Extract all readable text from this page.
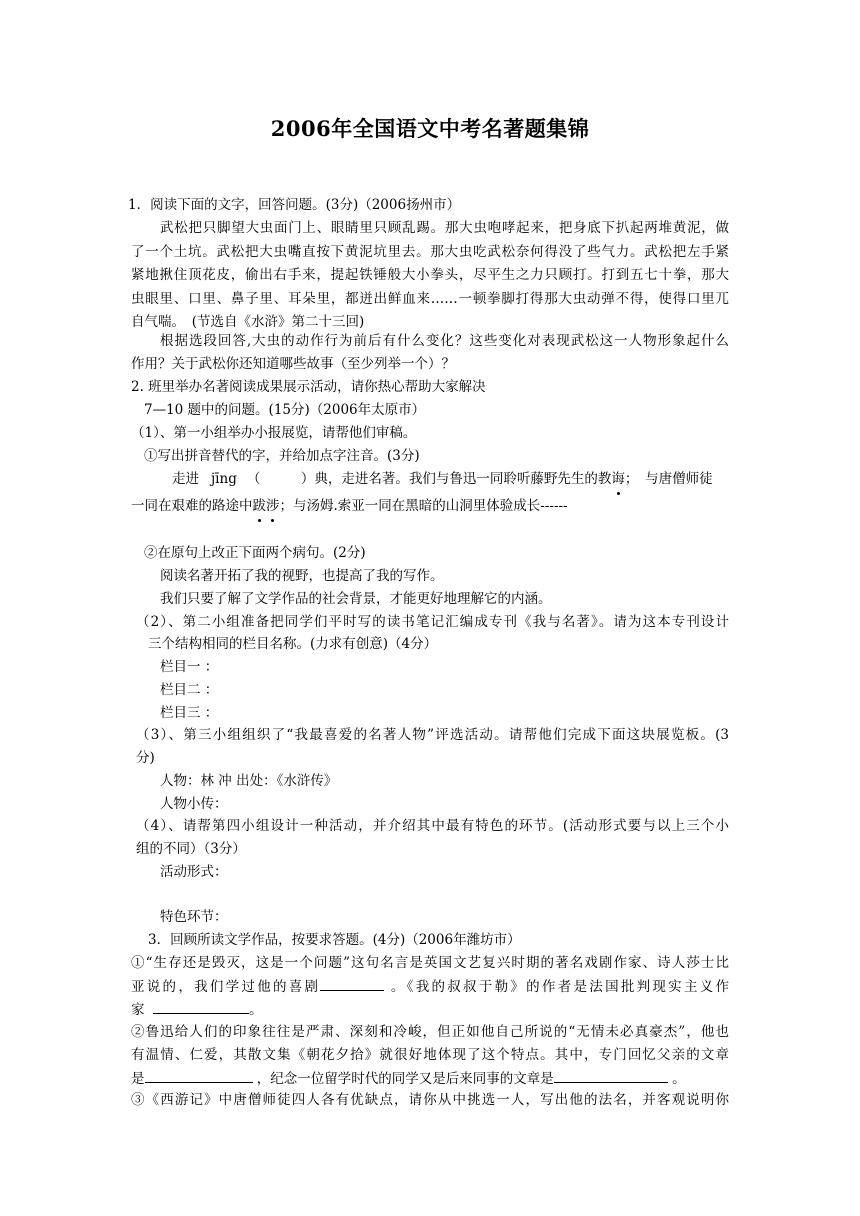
2006年全国语文中考名著题集锦
1．阅读下面的文字，回答问题。(3分)（2006扬州市）
武松把只脚望大虫面门上、眼睛里只顾乱踢。那大虫咆哮起来，把身底下扒起两堆黄泥，做
了一个土坑。武松把大虫嘴直按下黄泥坑里去。那大虫吃武松奈何得没了些气力。武松把左手紧
紧地揪住顶花皮，偷出右手来，提起铁锤般大小拳头，尽平生之力只顾打。打到五七十拳，那大
虫眼里、口里、鼻子里、耳朵里，都迸出鲜血来……一顿拳脚打得那大虫动弹不得，使得口里兀
自气喘。　(节选自《水浒》第二十三回)
根据选段回答,大虫的动作行为前后有什么变化？这些变化对表现武松这一人物形象起什么
作用？关于武松你还知道哪些故事（至少列举一个）？
2. 班里举办名著阅读成果展示活动，请你热心帮助大家解决
7—10 题中的问题。(15分)（2006年太原市）
（1）、第一小组举办小报展览，请帮他们审稿。
①写出拼音替代的字，并给加点字注音。(3分)
走进 jīng （　　　）典，走进名著。我们与鲁迅一同聆听藤野先生的教诲；　与唐僧师徒
一同在艰难的路途中跋涉；与汤姆.索亚一同在黑暗的山洞里体验成长------
②在原句上改正下面两个病句。(2分)
阅读名著开拓了我的视野，也提高了我的写作。
我们只要了解了文学作品的社会背景，才能更好地理解它的内涵。
（2）、第二小组准备把同学们平时写的读书笔记汇编成专刊《我与名著》。请为这本专刊设计
三个结构相同的栏目名称。(力求有创意)（4分）
栏目一 ：
栏目二 ：
栏目三 ：
（3）、第三小组组织了“我最喜爱的名著人物”评选活动。请帮他们完成下面这块展览板。(3
分)
人物：林 冲 出处：《水浒传》
人物小传：
（4）、请帮第四小组设计一种活动，并介绍其中最有特色的环节。(活动形式要与以上三个小
组的不同）（3分）
活动形式：
特色环节：
3．回顾所读文学作品，按要求答题。(4分)（2006年潍坊市）
①“生存还是毁灭，这是一个问题”这句名言是英国文艺复兴时期的著名戏剧作家、诗人莎士比
亚说的，我们学过他的喜剧	。《我的叔叔于勒》的作者是法国批判现实主义作
家	。
②鲁迅给人们的印象往往是严肃、深刻和冷峻，但正如他自己所说的“无情未必真豪杰”，他也
有温情、仁爱，其散文集《朝花夕拾》就很好地体现了这个特点。其中，专门回忆父亲的文章
是	，纪念一位留学时代的同学又是后来同事的文章是	。
③《西游记》中唐僧师徒四人各有优缺点，请你从中挑选一人，写出他的法名，并客观说明你
